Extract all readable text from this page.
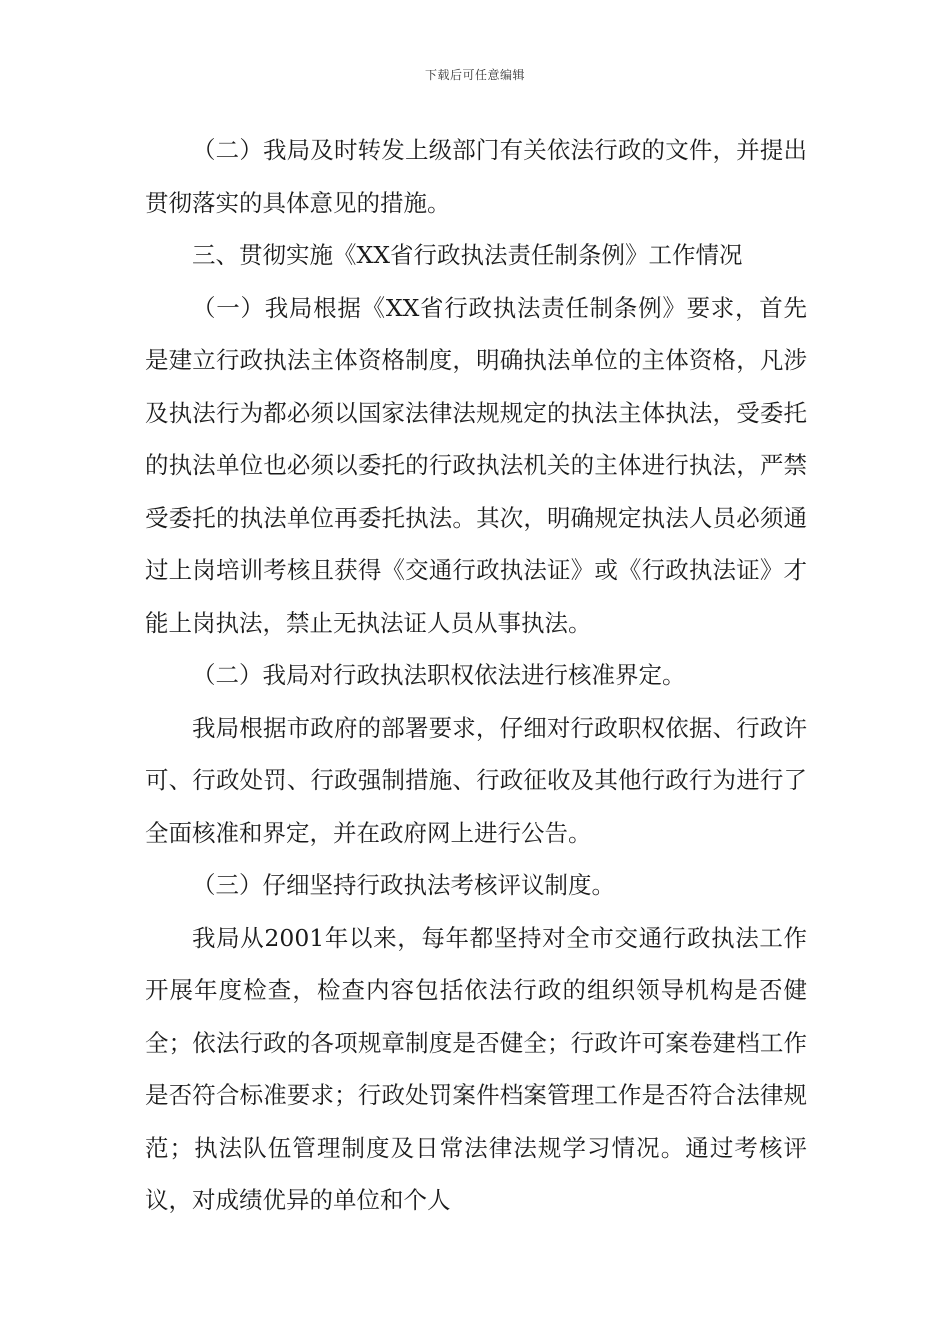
下载后可任意编辑

（二）我局及时转发上级部门有关依法行政的文件，并提出贯彻落实的具体意见的措施。

三、贯彻实施《XX省行政执法责任制条例》工作情况

（一）我局根据《XX省行政执法责任制条例》要求，首先是建立行政执法主体资格制度，明确执法单位的主体资格，凡涉及执法行为都必须以国家法律法规规定的执法主体执法，受委托的执法单位也必须以委托的行政执法机关的主体进行执法，严禁受委托的执法单位再委托执法。其次，明确规定执法人员必须通过上岗培训考核且获得《交通行政执法证》或《行政执法证》才能上岗执法，禁止无执法证人员从事执法。

（二）我局对行政执法职权依法进行核准界定。

我局根据市政府的部署要求，仔细对行政职权依据、行政许可、行政处罚、行政强制措施、行政征收及其他行政行为进行了全面核准和界定，并在政府网上进行公告。

（三）仔细坚持行政执法考核评议制度。

我局从2001年以来，每年都坚持对全市交通行政执法工作开展年度检查，检查内容包括依法行政的组织领导机构是否健全；依法行政的各项规章制度是否健全；行政许可案卷建档工作是否符合标准要求；行政处罚案件档案管理工作是否符合法律规范；执法队伍管理制度及日常法律法规学习情况。通过考核评议，对成绩优异的单位和个人
